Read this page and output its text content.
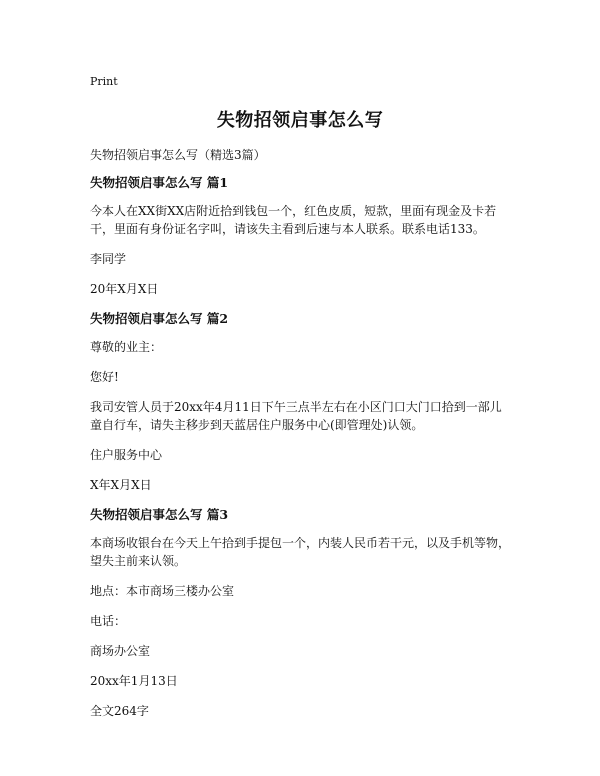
Print
失物招领启事怎么写

失物招领启事怎么写（精选3篇）

失物招领启事怎么写 篇1

今本人在XX街XX店附近拾到钱包一个，红色皮质，短款，里面有现金及卡若干，里面有身份证名字叫，请该失主看到后速与本人联系。联系电话133。

李同学

20年X月X日

失物招领启事怎么写 篇2

尊敬的业主：

您好!

我司安管人员于20xx年4月11日下午三点半左右在小区门口大门口拾到一部儿童自行车，请失主移步到天蓝居住户服务中心(即管理处)认领。

住户服务中心

X年X月X日

失物招领启事怎么写 篇3

本商场收银台在今天上午拾到手提包一个，内装人民币若干元，以及手机等物，望失主前来认领。

地点：本市商场三楼办公室

电话：

商场办公室

20xx年1月13日

全文264字
